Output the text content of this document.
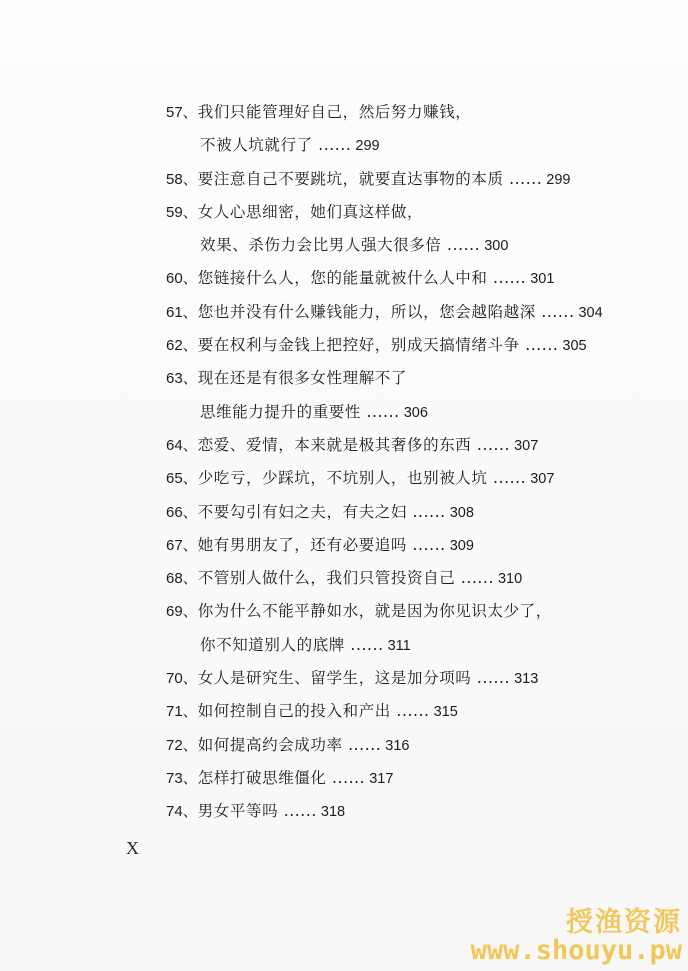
57、我们只能管理好自己，然后努力赚钱，
不被人坑就行了 ...... 299
58、要注意自己不要跳坑，就要直达事物的本质 ...... 299
59、女人心思细密，她们真这样做，
效果、杀伤力会比男人强大很多倍 ...... 300
60、您链接什么人，您的能量就被什么人中和 ...... 301
61、您也并没有什么赚钱能力，所以，您会越陷越深 ...... 304
62、要在权利与金钱上把控好，别成天搞情绪斗争 ...... 305
63、现在还是有很多女性理解不了
思维能力提升的重要性 ...... 306
64、恋爱、爱情，本来就是极其奢侈的东西 ...... 307
65、少吃亏，少踩坑，不坑别人，也别被人坑 ...... 307
66、不要勾引有妇之夫，有夫之妇 ...... 308
67、她有男朋友了，还有必要追吗 ...... 309
68、不管别人做什么，我们只管投资自己 ...... 310
69、你为什么不能平静如水，就是因为你见识太少了，
你不知道别人的底牌 ...... 311
70、女人是研究生、留学生，这是加分项吗 ...... 313
71、如何控制自己的投入和产出 ...... 315
72、如何提高约会成功率 ...... 316
73、怎样打破思维僵化 ...... 317
74、男女平等吗 ...... 318
X
授渔资源
www.shouyu.pw
